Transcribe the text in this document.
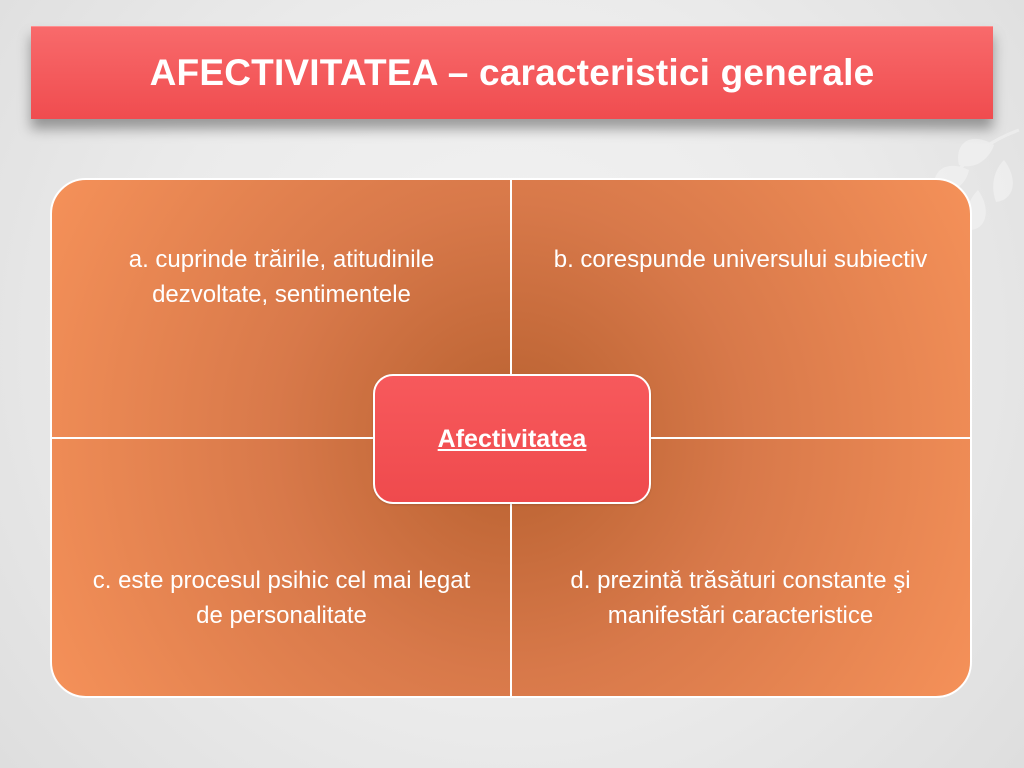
AFECTIVITATEA – caracteristici generale
a. cuprinde trăirile, atitudinile dezvoltate, sentimentele
b. corespunde universului subiectiv
c. este procesul psihic cel mai legat de personalitate
d. prezintă trăsături constante şi manifestări caracteristice
Afectivitatea
